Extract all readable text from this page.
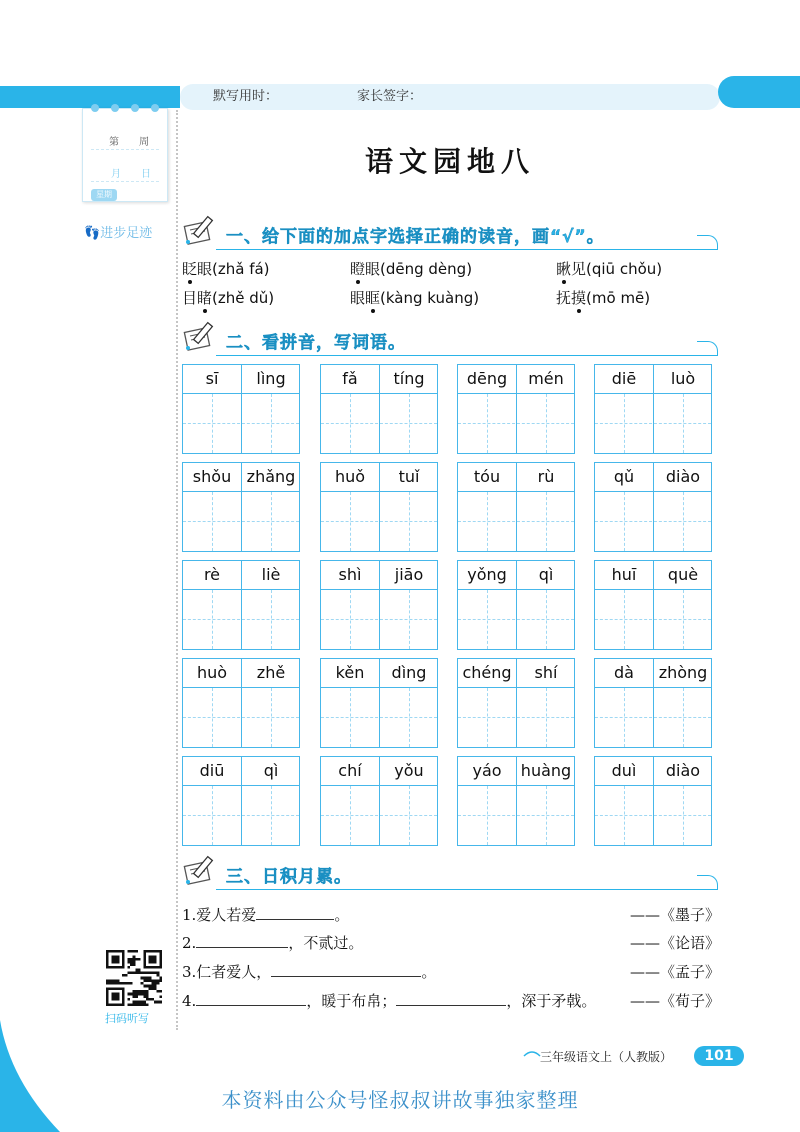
默写用时：	家长签字：
第 周
月 日
星期
👣进步足迹
语文园地八
一、给下面的加点字选择正确的读音，画“√”。
眨眼(zhǎ fá)	瞪眼(dēng dèng)	瞅见(qiū chǒu)
目睹(zhě dǔ)	眼眶(kàng kuàng)	抚摸(mō mē)
二、看拼音，写词语。
sī	lìng	fǎ	tíng	dēng	mén	diē	luò
shǒu zhǎng	huǒ	tuǐ	tóu	rù	qǔ	diào
rè	liè	shì	jiāo	yǒng	qì	huī	què
huò	zhě	kěn	dìng	chéng	shí	dà	zhòng
diū	qì	chí	yǒu	yáo	huàng	duì	diào
三、日积月累。
1.爱人若爱	。	——《墨子》
2.	，不贰过。	——《论语》
3.仁者爱人，	。	——《孟子》
4.	，暖于布帛；	，深于矛戟。 ——《荀子》
扫码听写
三年级语文上（人教版）	101
本资料由公众号怪叔叔讲故事独家整理
